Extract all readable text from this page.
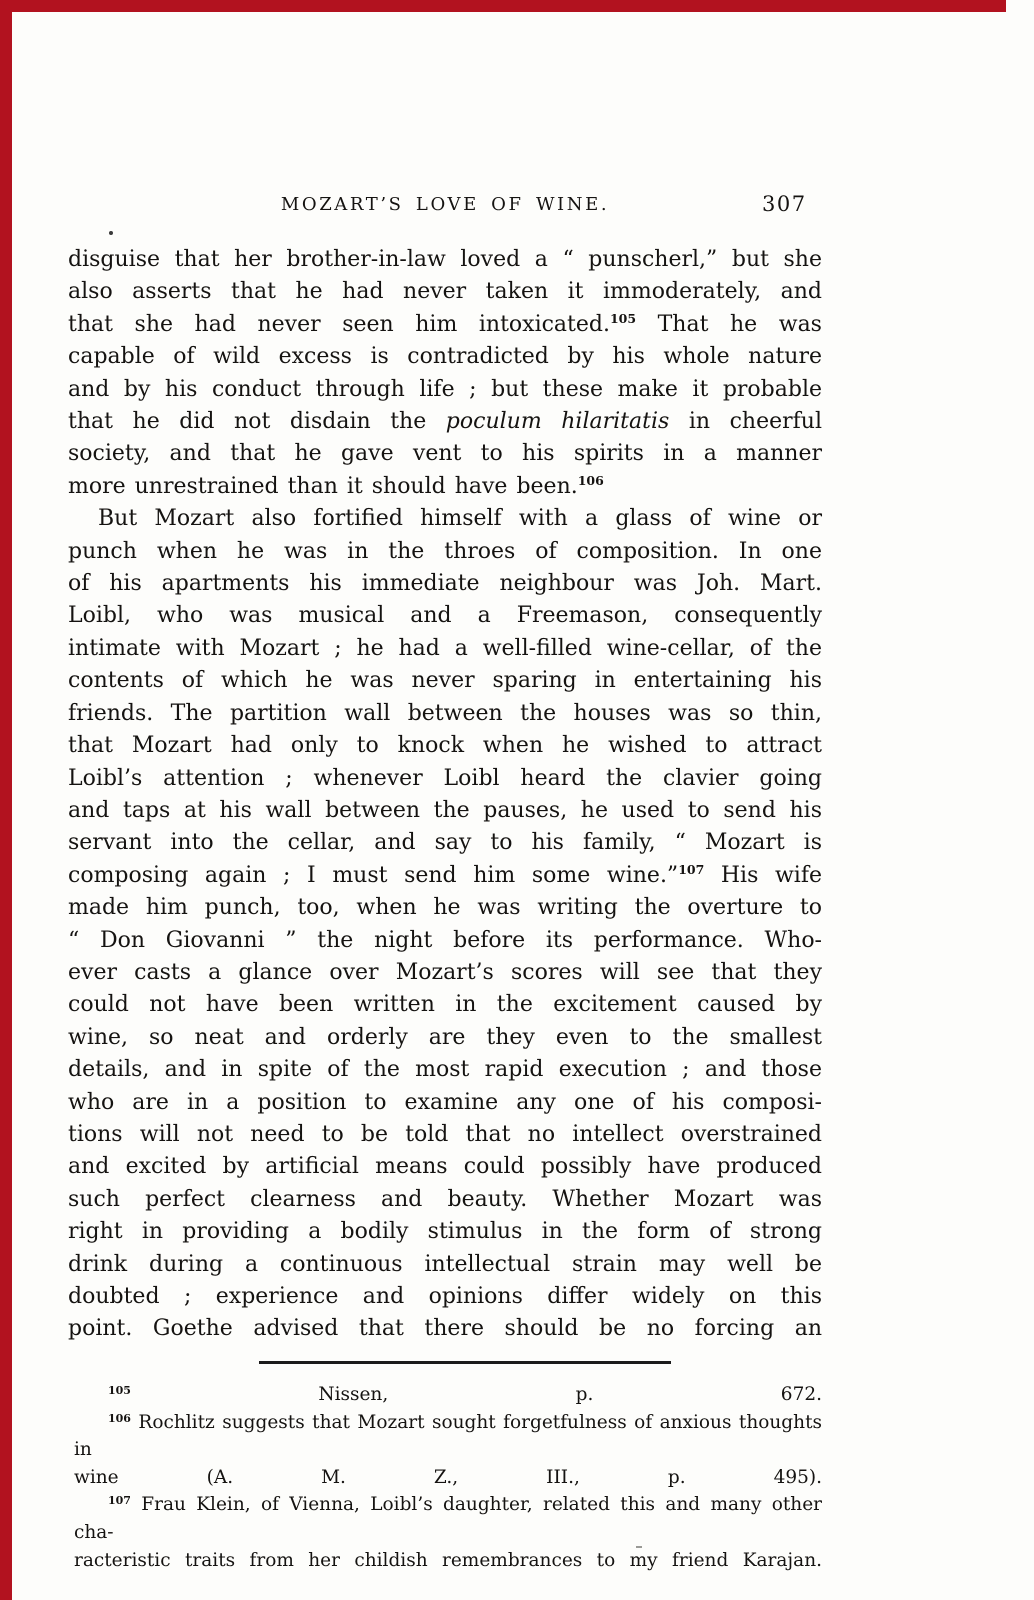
MOZART’S LOVE OF WINE.	307
disguise that her brother-in-law loved a “ punscherl,” but she
also asserts that he had never taken it immoderately, and
that she had never seen him intoxicated.$^{105}$ That he was
capable of wild excess is contradicted by his whole nature
and by his conduct through life ; but these make it probable
that he did not disdain the poculum hilaritatis in cheerful
society, and that he gave vent to his spirits in a manner
more unrestrained than it should have been.$^{106}$
But Mozart also fortified himself with a glass of wine or
punch when he was in the throes of composition. In one
of his apartments his immediate neighbour was Joh. Mart.
Loibl, who was musical and a Freemason, consequently
intimate with Mozart ; he had a well-filled wine-cellar, of the
contents of which he was never sparing in entertaining his
friends. The partition wall between the houses was so thin,
that Mozart had only to knock when he wished to attract
Loibl’s attention ; whenever Loibl heard the clavier going
and taps at his wall between the pauses, he used to send his
servant into the cellar, and say to his family, “ Mozart is
composing again ; I must send him some wine.”$^{107}$ His wife
made him punch, too, when he was writing the overture to
“ Don Giovanni ” the night before its performance. Who-
ever casts a glance over Mozart’s scores will see that they
could not have been written in the excitement caused by
wine, so neat and orderly are they even to the smallest
details, and in spite of the most rapid execution ; and those
who are in a position to examine any one of his composi-
tions will not need to be told that no intellect overstrained
and excited by artificial means could possibly have produced
such perfect clearness and beauty. Whether Mozart was
right in providing a bodily stimulus in the form of strong
drink during a continuous intellectual strain may well be
doubted ; experience and opinions differ widely on this
point. Goethe advised that there should be no forcing an
$^{105}$ Nissen, p. 672.
$^{106}$ Rochlitz suggests that Mozart sought forgetfulness of anxious thoughts in
wine (A. M. Z., III., p. 495).
$^{107}$ Frau Klein, of Vienna, Loibl’s daughter, related this and many other cha-
racteristic traits from her childish remembrances to my friend Karajan.
